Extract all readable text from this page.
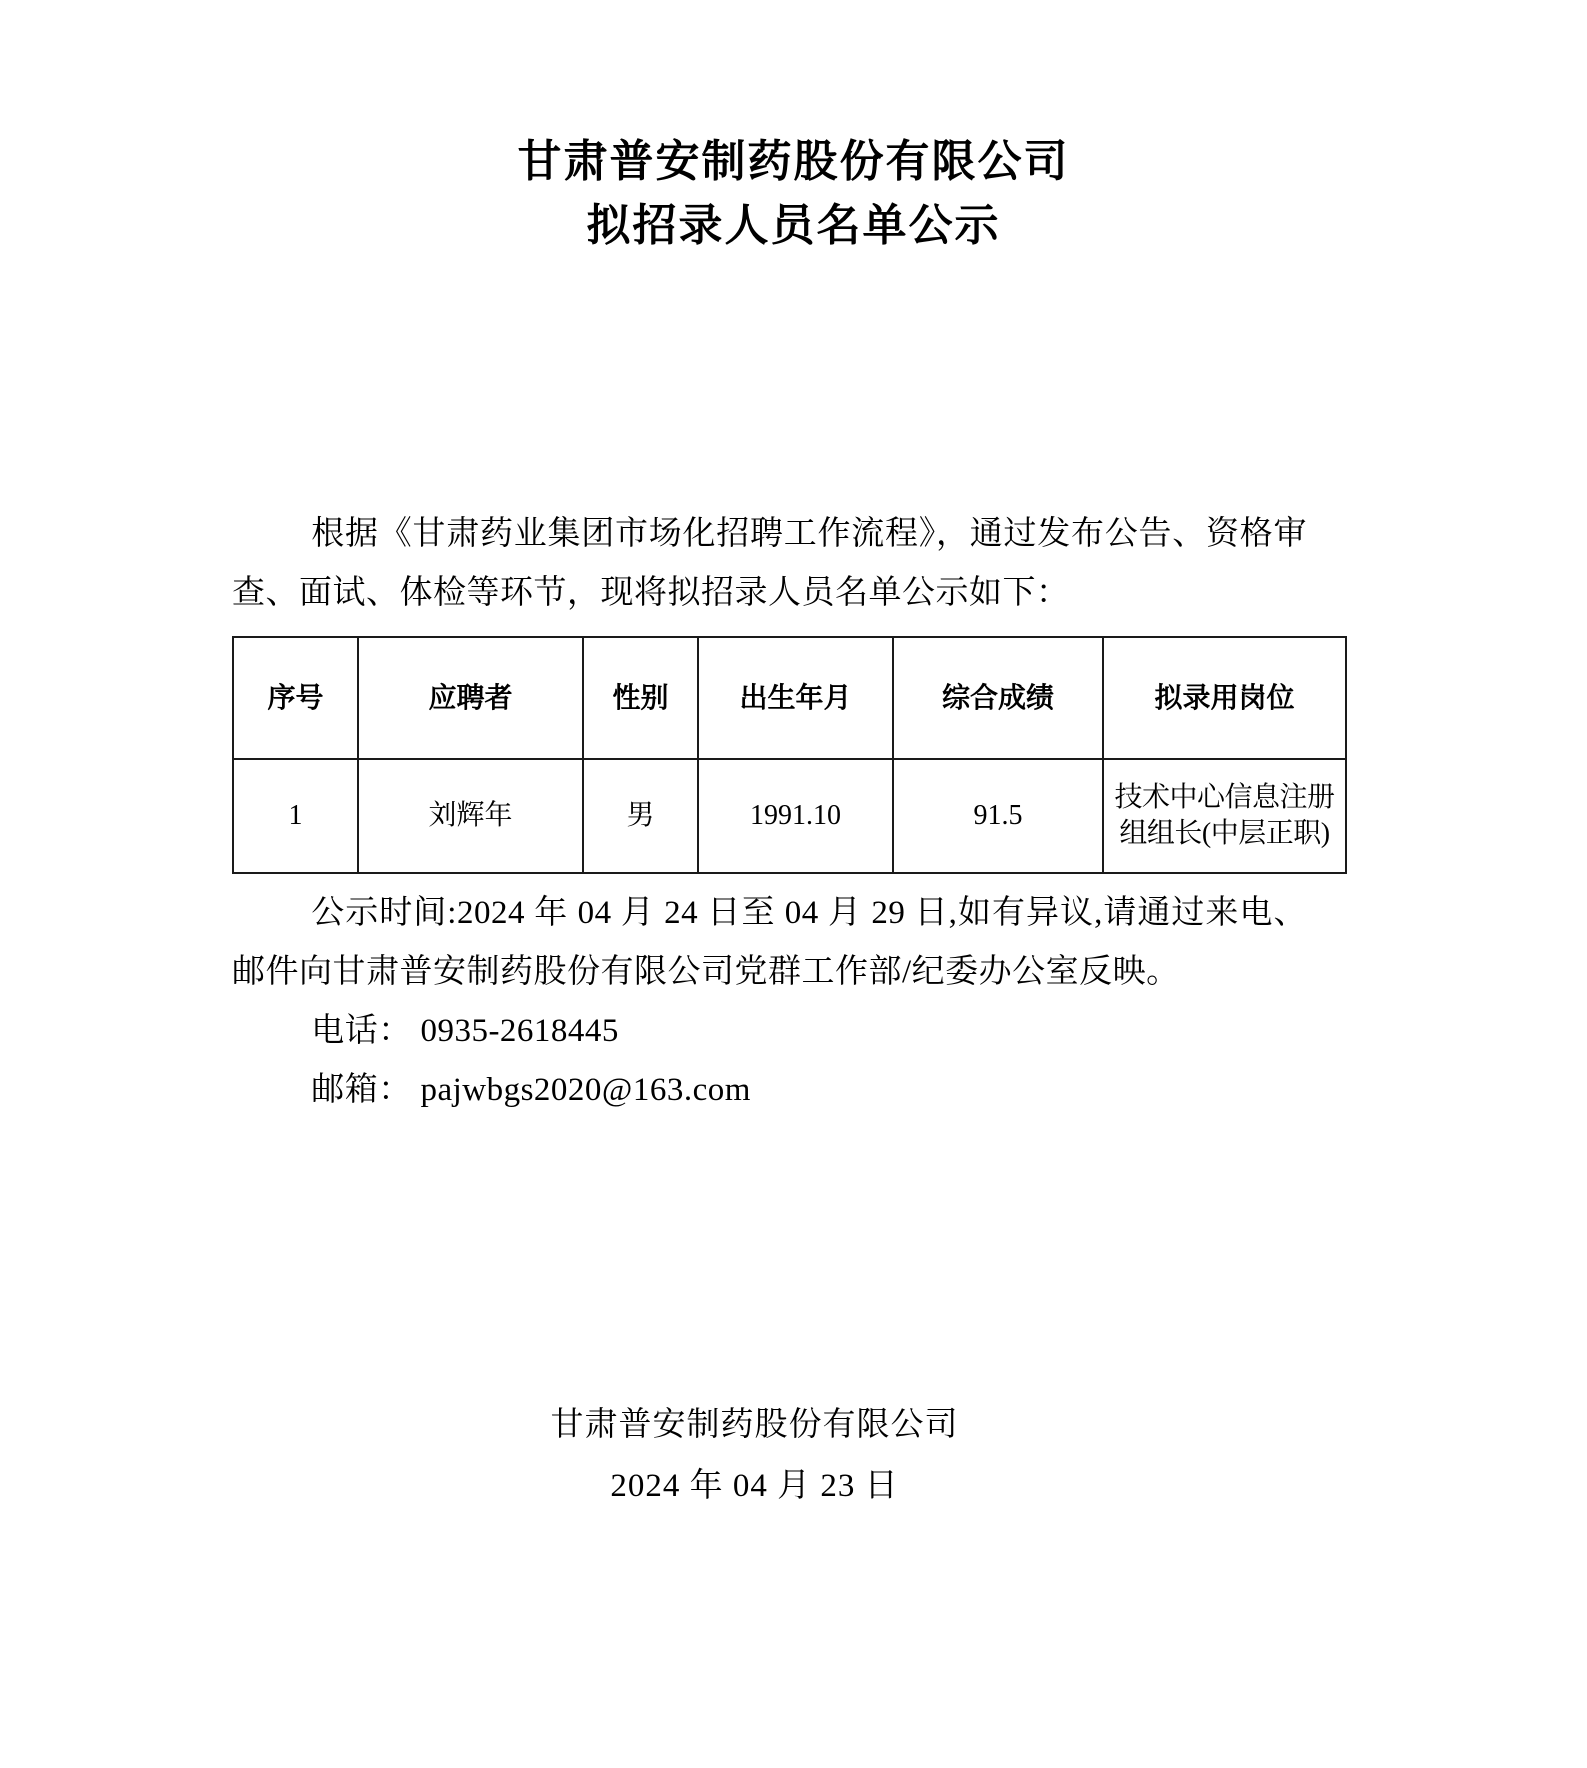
甘肃普安制药股份有限公司
拟招录人员名单公示

根据《甘肃药业集团市场化招聘工作流程》，通过发布公告、资格审查、面试、体检等环节，现将拟招录人员名单公示如下：

序号	应聘者	性别	出生年月	综合成绩	拟录用岗位
1	刘辉年	男	1991.10	91.5	技术中心信息注册组组长(中层正职)

公示时间:2024 年 04 月 24 日至 04 月 29 日,如有异议,请通过来电、邮件向甘肃普安制药股份有限公司党群工作部/纪委办公室反映。

电话： 0935-2618445

邮箱： pajwbgs2020@163.com

甘肃普安制药股份有限公司
2024 年 04 月 23 日
